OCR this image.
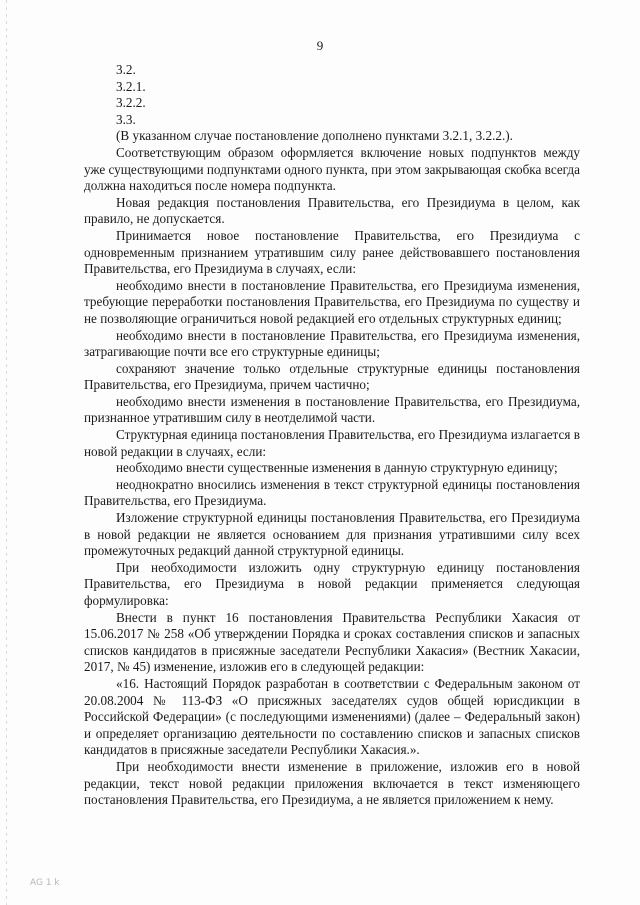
9

3.2.

3.2.1.

3.2.2.

3.3.

(В указанном случае постановление дополнено пунктами 3.2.1, 3.2.2.).

Соответствующим образом оформляется включение новых подпунктов между уже существующими подпунктами одного пункта, при этом закрывающая скобка всегда должна находиться после номера подпункта.

Новая редакция постановления Правительства, его Президиума в целом, как правило, не допускается.

Принимается новое постановление Правительства, его Президиума с одновременным признанием утратившим силу ранее действовавшего постановления Правительства, его Президиума в случаях, если:

необходимо внести в постановление Правительства, его Президиума изменения, требующие переработки постановления Правительства, его Президиума по существу и не позволяющие ограничиться новой редакцией его отдельных структурных единиц;

необходимо внести в постановление Правительства, его Президиума изменения, затрагивающие почти все его структурные единицы;

сохраняют значение только отдельные структурные единицы постановления Правительства, его Президиума, причем частично;

необходимо внести изменения в постановление Правительства, его Президиума, признанное утратившим силу в неотделимой части.

Структурная единица постановления Правительства, его Президиума излагается в новой редакции в случаях, если:

необходимо внести существенные изменения в данную структурную единицу;

неоднократно вносились изменения в текст структурной единицы постановления Правительства, его Президиума.

Изложение структурной единицы постановления Правительства, его Президиума в новой редакции не является основанием для признания утратившими силу всех промежуточных редакций данной структурной единицы.

При необходимости изложить одну структурную единицу постановления Правительства, его Президиума в новой редакции применяется следующая формулировка:

Внести в пункт 16 постановления Правительства Республики Хакасия от 15.06.2017 № 258 «Об утверждении Порядка и сроках составления списков и запасных списков кандидатов в присяжные заседатели Республики Хакасия» (Вестник Хакасии, 2017, № 45) изменение, изложив его в следующей редакции:

«16. Настоящий Порядок разработан в соответствии с Федеральным законом от 20.08.2004 № 113-ФЗ «О присяжных заседателях судов общей юрисдикции в Российской Федерации» (с последующими изменениями) (далее – Федеральный закон) и определяет организацию деятельности по составлению списков и запасных списков кандидатов в присяжные заседатели Республики Хакасия.».

При необходимости внести изменение в приложение, изложив его в новой редакции, текст новой редакции приложения включается в текст изменяющего постановления Правительства, его Президиума, а не является приложением к нему.

AG 1 k
